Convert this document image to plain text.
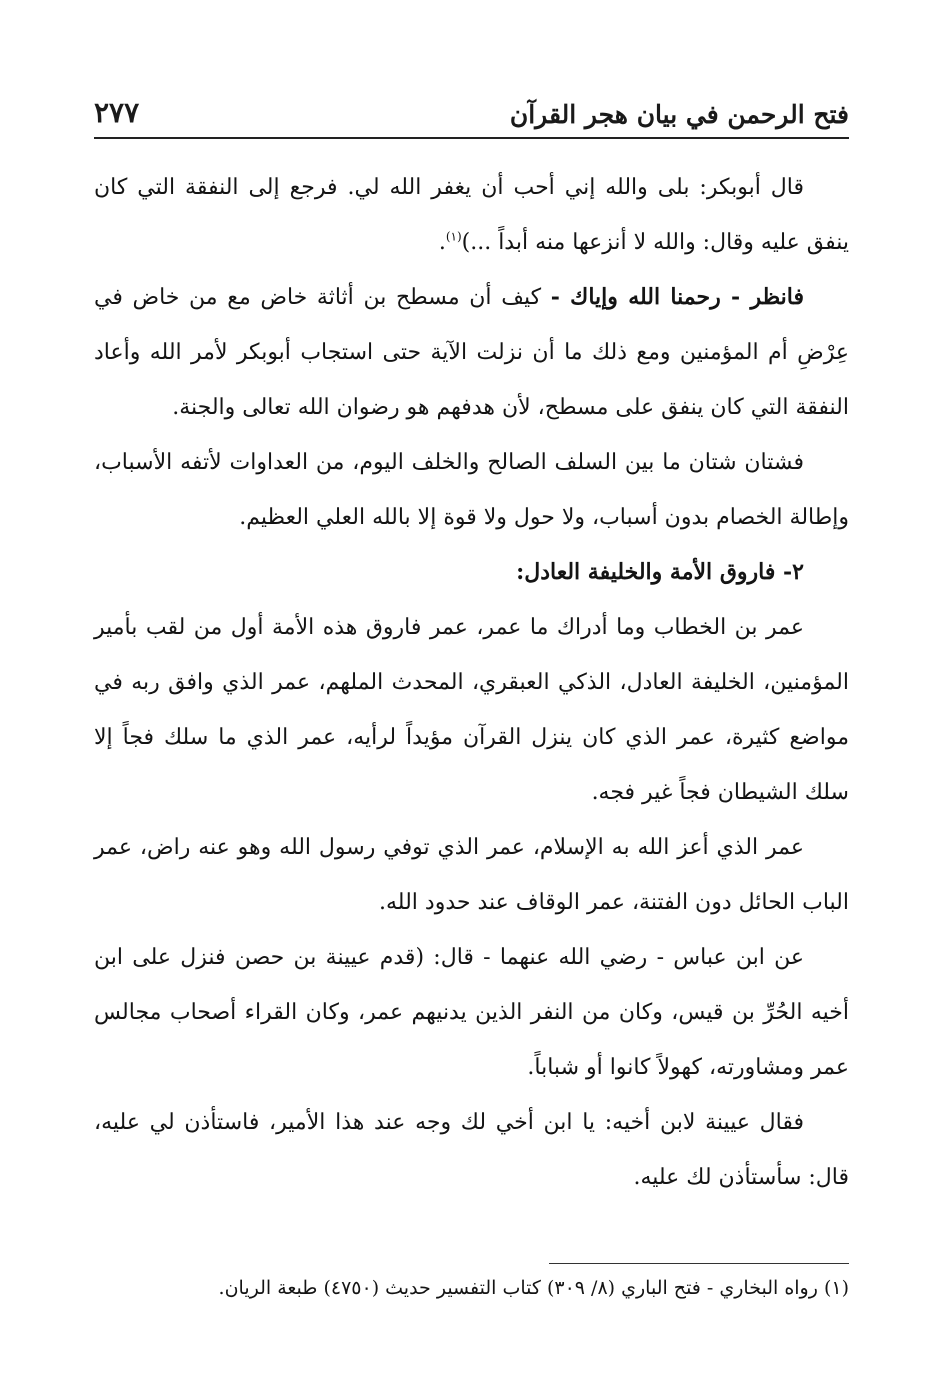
فتح الرحمن في بيان هجر القرآن
٢٧٧

قال أبوبكر: بلى والله إني أحب أن يغفر الله لي. فرجع إلى النفقة التي كان ينفق عليه وقال: والله لا أنزعها منه أبداً ...)$^{(١)}$.

فانظر - رحمنا الله وإياك - كيف أن مسطح بن أثاثة خاض مع من خاض في عِرْضِ أم المؤمنين ومع ذلك ما أن نزلت الآية حتى استجاب أبوبكر لأمر الله وأعاد النفقة التي كان ينفق على مسطح، لأن هدفهم هو رضوان الله تعالى والجنة.

فشتان شتان ما بين السلف الصالح والخلف اليوم، من العداوات لأتفه الأسباب، وإطالة الخصام بدون أسباب، ولا حول ولا قوة إلا بالله العلي العظيم.

٢- فاروق الأمة والخليفة العادل:

عمر بن الخطاب وما أدراك ما عمر، عمر فاروق هذه الأمة أول من لقب بأمير المؤمنين، الخليفة العادل، الذكي العبقري، المحدث الملهم، عمر الذي وافق ربه في مواضع كثيرة، عمر الذي كان ينزل القرآن مؤيداً لرأيه، عمر الذي ما سلك فجاً إلا سلك الشيطان فجاً غير فجه.

عمر الذي أعز الله به الإسلام، عمر الذي توفي رسول الله وهو عنه راض، عمر الباب الحائل دون الفتنة، عمر الوقاف عند حدود الله.

عن ابن عباس - رضي الله عنهما - قال: (قدم عيينة بن حصن فنزل على ابن أخيه الحُرِّ بن قيس، وكان من النفر الذين يدنيهم عمر، وكان القراء أصحاب مجالس عمر ومشاورته، كهولاً كانوا أو شباباً.

فقال عيينة لابن أخيه: يا ابن أخي لك وجه عند هذا الأمير، فاستأذن لي عليه، قال: سأستأذن لك عليه.

(١) رواه البخاري - فتح الباري (٨/ ٣٠٩) كتاب التفسير حديث (٤٧٥٠) طبعة الريان.
